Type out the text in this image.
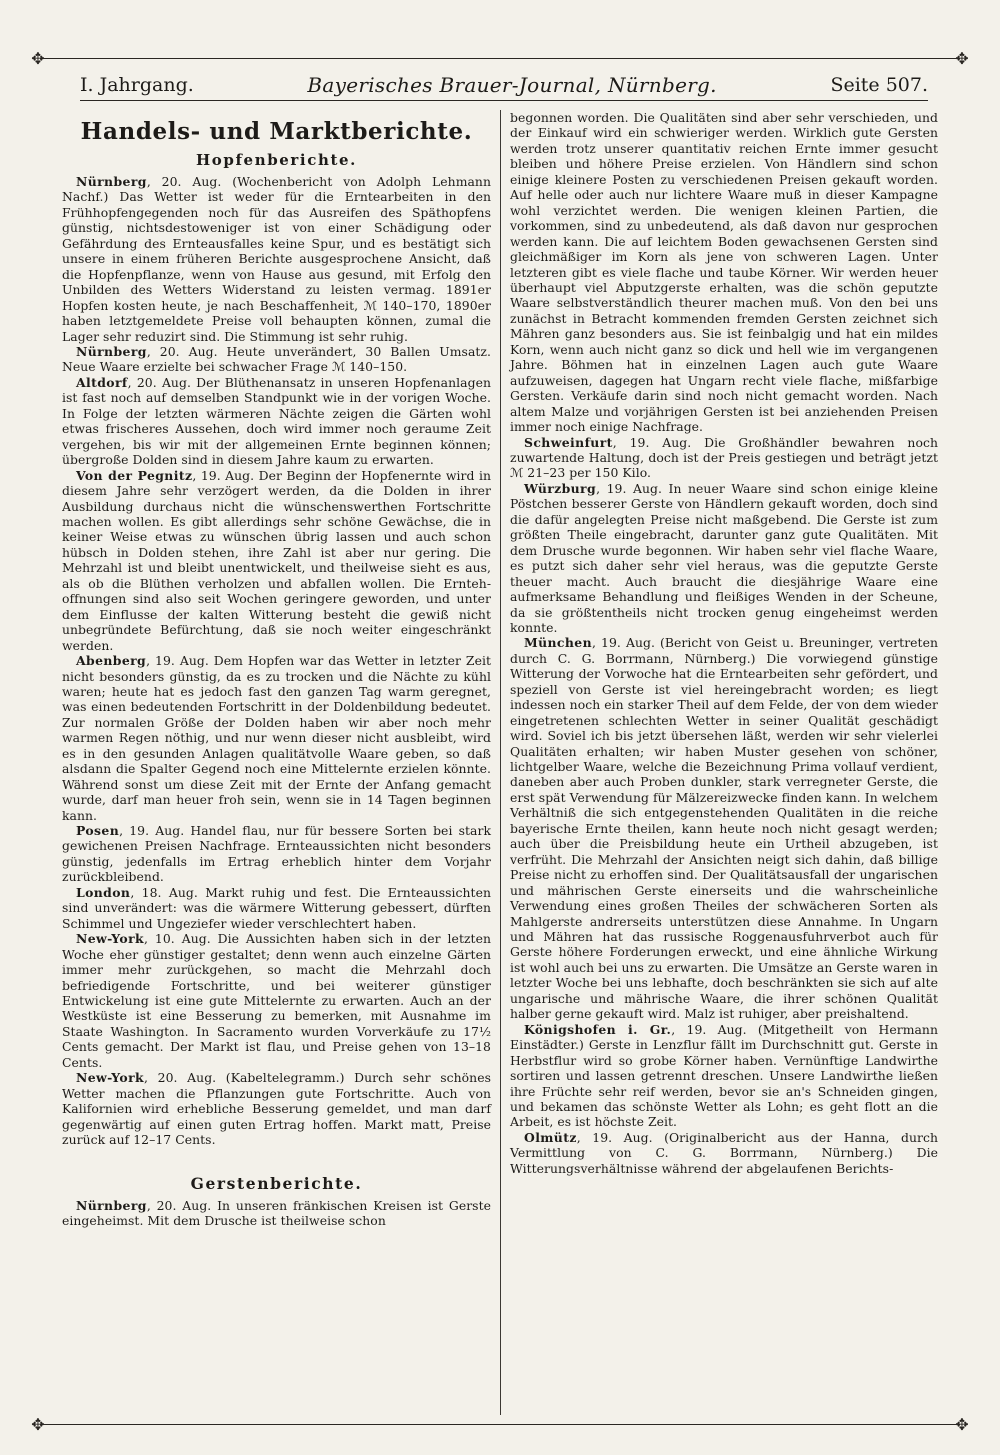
✥	✥
✥	✥
I. Jahrgang.	Bayerisches Brauer-Journal, Nürnberg.	Seite 507.
Handels- und Marktberichte.
Hopfenberichte.

Nürnberg, 20. Aug. (Wochenbericht von Adolph Lehmann Nachf.) Das Wetter ist weder für die Erntearbeiten in den Frühhopfengegenden noch für das Ausreifen des Späthopfens günstig, nichtsdestoweniger ist von einer Schädigung oder Gefährdung des Ernteausfalles keine Spur, und es bestätigt sich unsere in einem früheren Berichte ausgesprochene Ansicht, daß die Hopfenpflanze, wenn von Hause aus gesund, mit Erfolg den Unbilden des Wetters Widerstand zu leisten vermag. 1891er Hopfen kosten heute, je nach Beschaffenheit, ℳ 140–170, 1890er haben letztgemeldete Preise voll behaupten können, zumal die Lager sehr reduzirt sind. Die Stimmung ist sehr ruhig.

Nürnberg, 20. Aug. Heute unverändert, 30 Ballen Umsatz. Neue Waare erzielte bei schwacher Frage ℳ 140–150.

Altdorf, 20. Aug. Der Blüthenansatz in unseren Hopfenanlagen ist fast noch auf demselben Standpunkt wie in der vorigen Woche. In Folge der letzten wärmeren Nächte zeigen die Gärten wohl etwas frischeres Aussehen, doch wird immer noch geraume Zeit vergehen, bis wir mit der allgemeinen Ernte beginnen können; übergroße Dolden sind in diesem Jahre kaum zu erwarten.

Von der Pegnitz, 19. Aug. Der Beginn der Hopfenernte wird in diesem Jahre sehr verzögert werden, da die Dolden in ihrer Ausbildung durchaus nicht die wünschenswerthen Fortschritte machen wollen. Es gibt allerdings sehr schöne Gewächse, die in keiner Weise etwas zu wünschen übrig lassen und auch schon hübsch in Dolden stehen, ihre Zahl ist aber nur gering. Die Mehrzahl ist und bleibt unentwickelt, und theilweise sieht es aus, als ob die Blüthen verholzen und abfallen wollen. Die Erntehoffnungen sind also seit Wochen geringere geworden, und unter dem Einflusse der kalten Witterung besteht die gewiß nicht unbegründete Befürchtung, daß sie noch weiter eingeschränkt werden.

Abenberg, 19. Aug. Dem Hopfen war das Wetter in letzter Zeit nicht besonders günstig, da es zu trocken und die Nächte zu kühl waren; heute hat es jedoch fast den ganzen Tag warm geregnet, was einen bedeutenden Fortschritt in der Doldenbildung bedeutet. Zur normalen Größe der Dolden haben wir aber noch mehr warmen Regen nöthig, und nur wenn dieser nicht ausbleibt, wird es in den gesunden Anlagen qualitätvolle Waare geben, so daß alsdann die Spalter Gegend noch eine Mittelernte erzielen könnte. Während sonst um diese Zeit mit der Ernte der Anfang gemacht wurde, darf man heuer froh sein, wenn sie in 14 Tagen beginnen kann.

Posen, 19. Aug. Handel flau, nur für bessere Sorten bei stark gewichenen Preisen Nachfrage. Ernteaussichten nicht besonders günstig, jedenfalls im Ertrag erheblich hinter dem Vorjahr zurückbleibend.

London, 18. Aug. Markt ruhig und fest. Die Ernteaussichten sind unverändert: was die wärmere Witterung gebessert, dürften Schimmel und Ungeziefer wieder verschlechtert haben.

New-York, 10. Aug. Die Aussichten haben sich in der letzten Woche eher günstiger gestaltet; denn wenn auch einzelne Gärten immer mehr zurückgehen, so macht die Mehrzahl doch befriedigende Fortschritte, und bei weiterer günstiger Entwickelung ist eine gute Mittelernte zu erwarten. Auch an der Westküste ist eine Besserung zu bemerken, mit Ausnahme im Staate Washington. In Sacramento wurden Vorverkäufe zu 17½ Cents gemacht. Der Markt ist flau, und Preise gehen von 13–18 Cents.

New-York, 20. Aug. (Kabeltelegramm.) Durch sehr schönes Wetter machen die Pflanzungen gute Fortschritte. Auch von Kalifornien wird erhebliche Besserung gemeldet, und man darf gegenwärtig auf einen guten Ertrag hoffen. Markt matt, Preise zurück auf 12–17 Cents.

Gerstenberichte.

Nürnberg, 20. Aug. In unseren fränkischen Kreisen ist Gerste eingeheimst. Mit dem Drusche ist theilweise schon

begonnen worden. Die Qualitäten sind aber sehr verschieden, und der Einkauf wird ein schwieriger werden. Wirklich gute Gersten werden trotz unserer quantitativ reichen Ernte immer gesucht bleiben und höhere Preise erzielen. Von Händlern sind schon einige kleinere Posten zu verschiedenen Preisen gekauft worden. Auf helle oder auch nur lichtere Waare muß in dieser Kampagne wohl verzichtet werden. Die wenigen kleinen Partien, die vorkommen, sind zu unbedeutend, als daß davon nur gesprochen werden kann. Die auf leichtem Boden gewachsenen Gersten sind gleichmäßiger im Korn als jene von schweren Lagen. Unter letzteren gibt es viele flache und taube Körner. Wir werden heuer überhaupt viel Abputzgerste erhalten, was die schön geputzte Waare selbstverständlich theurer machen muß. Von den bei uns zunächst in Betracht kommenden fremden Gersten zeichnet sich Mähren ganz besonders aus. Sie ist feinbalgig und hat ein mildes Korn, wenn auch nicht ganz so dick und hell wie im vergangenen Jahre. Böhmen hat in einzelnen Lagen auch gute Waare aufzuweisen, dagegen hat Ungarn recht viele flache, mißfarbige Gersten. Verkäufe darin sind noch nicht gemacht worden. Nach altem Malze und vorjährigen Gersten ist bei anziehenden Preisen immer noch einige Nachfrage.

Schweinfurt, 19. Aug. Die Großhändler bewahren noch zuwartende Haltung, doch ist der Preis gestiegen und beträgt jetzt ℳ 21–23 per 150 Kilo.

Würzburg, 19. Aug. In neuer Waare sind schon einige kleine Pöstchen besserer Gerste von Händlern gekauft worden, doch sind die dafür angelegten Preise nicht maßgebend. Die Gerste ist zum größten Theile eingebracht, darunter ganz gute Qualitäten. Mit dem Drusche wurde begonnen. Wir haben sehr viel flache Waare, es putzt sich daher sehr viel heraus, was die geputzte Gerste theuer macht. Auch braucht die diesjährige Waare eine aufmerksame Behandlung und fleißiges Wenden in der Scheune, da sie größtentheils nicht trocken genug eingeheimst werden konnte.

München, 19. Aug. (Bericht von Geist u. Breuninger, vertreten durch C. G. Borrmann, Nürnberg.) Die vorwiegend günstige Witterung der Vorwoche hat die Erntearbeiten sehr gefördert, und speziell von Gerste ist viel hereingebracht worden; es liegt indessen noch ein starker Theil auf dem Felde, der von dem wieder eingetretenen schlechten Wetter in seiner Qualität geschädigt wird. Soviel ich bis jetzt übersehen läßt, werden wir sehr vielerlei Qualitäten erhalten; wir haben Muster gesehen von schöner, lichtgelber Waare, welche die Bezeichnung Prima vollauf verdient, daneben aber auch Proben dunkler, stark verregneter Gerste, die erst spät Verwendung für Mälzereizwecke finden kann. In welchem Verhältniß die sich entgegenstehenden Qualitäten in die reiche bayerische Ernte theilen, kann heute noch nicht gesagt werden; auch über die Preisbildung heute ein Urtheil abzugeben, ist verfrüht. Die Mehrzahl der Ansichten neigt sich dahin, daß billige Preise nicht zu erhoffen sind. Der Qualitätsausfall der ungarischen und mährischen Gerste einerseits und die wahrscheinliche Verwendung eines großen Theiles der schwächeren Sorten als Mahlgerste andrerseits unterstützen diese Annahme. In Ungarn und Mähren hat das russische Roggenausfuhrverbot auch für Gerste höhere Forderungen erweckt, und eine ähnliche Wirkung ist wohl auch bei uns zu erwarten. Die Umsätze an Gerste waren in letzter Woche bei uns lebhafte, doch beschränkten sie sich auf alte ungarische und mährische Waare, die ihrer schönen Qualität halber gerne gekauft wird. Malz ist ruhiger, aber preishaltend.

Königshofen i. Gr., 19. Aug. (Mitgetheilt von Hermann Einstädter.) Gerste in Lenzflur fällt im Durchschnitt gut. Gerste in Herbstflur wird so grobe Körner haben. Vernünftige Landwirthe sortiren und lassen getrennt dreschen. Unsere Landwirthe ließen ihre Früchte sehr reif werden, bevor sie an's Schneiden gingen, und bekamen das schönste Wetter als Lohn; es geht flott an die Arbeit, es ist höchste Zeit.

Olmütz, 19. Aug. (Originalbericht aus der Hanna, durch Vermittlung von C. G. Borrmann, Nürnberg.) Die Witterungsverhältnisse während der abgelaufenen Berichts-
